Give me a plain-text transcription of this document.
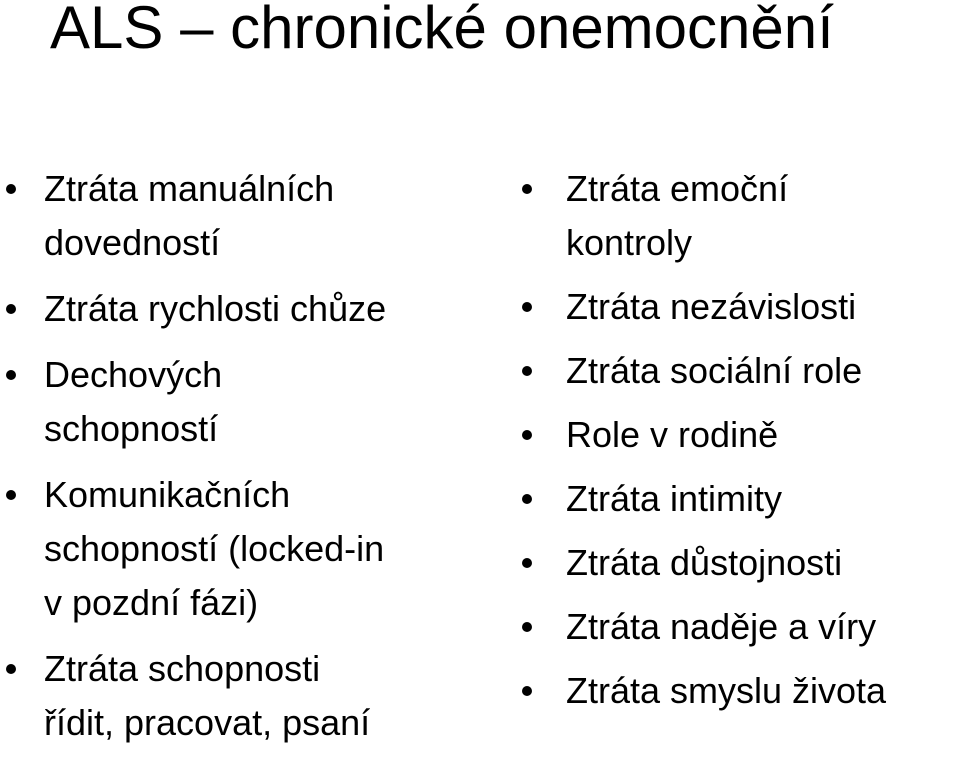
ALS – chronické onemocnění
Ztráta manuálních
dovedností
Ztráta rychlosti chůze
Dechových
schopností
Komunikačních
schopností (locked-in
v pozdní fázi)
Ztráta schopnosti
řídit, pracovat, psaní
Ztráta emoční
kontroly
Ztráta nezávislosti
Ztráta sociální role
Role v rodině
Ztráta intimity
Ztráta důstojnosti
Ztráta naděje a víry
Ztráta smyslu života
